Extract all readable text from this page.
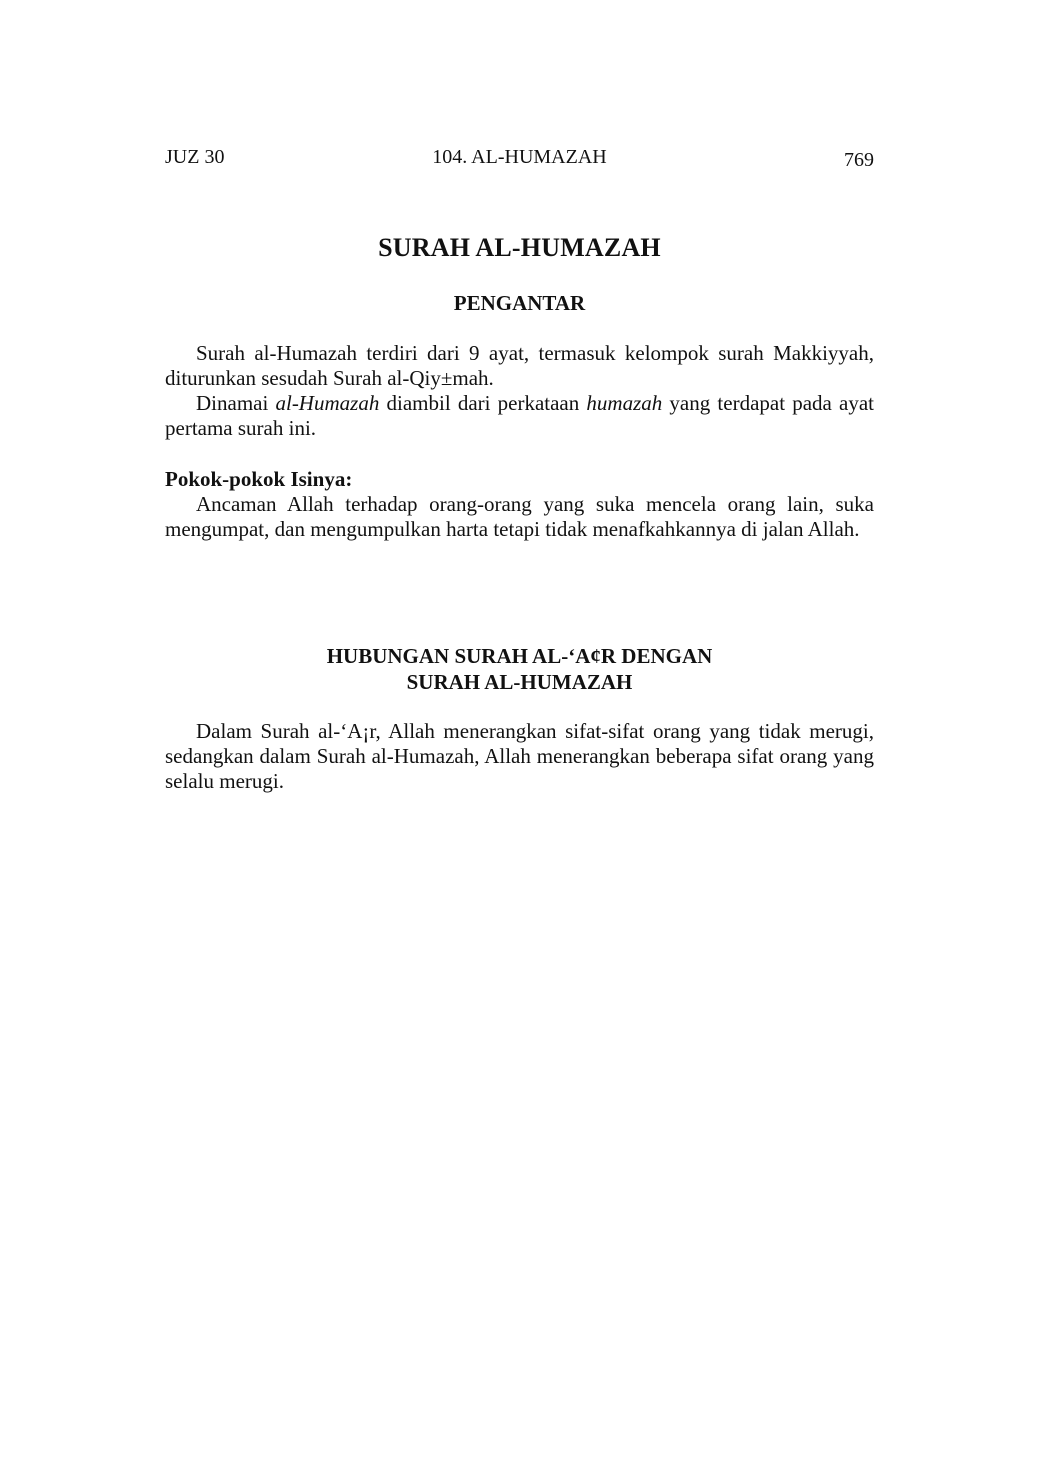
JUZ 30	104. AL-HUMAZAH	769
SURAH AL-HUMAZAH
PENGANTAR

Surah al-Humazah terdiri dari 9 ayat, termasuk kelompok surah Makkiyyah, diturunkan sesudah Surah al-Qiy±mah.

Dinamai al-Humazah diambil dari perkataan humazah yang terdapat pada ayat pertama surah ini.

Pokok-pokok Isinya:

Ancaman Allah terhadap orang-orang yang suka mencela orang lain, suka mengumpat, dan mengumpulkan harta tetapi tidak menafkahkannya di jalan Allah.

HUBUNGAN SURAH AL-‘A¢R DENGAN
SURAH AL-HUMAZAH

Dalam Surah al-‘A¡r, Allah menerangkan sifat-sifat orang yang tidak merugi, sedangkan dalam Surah al-Humazah, Allah menerangkan beberapa sifat orang yang selalu merugi.
